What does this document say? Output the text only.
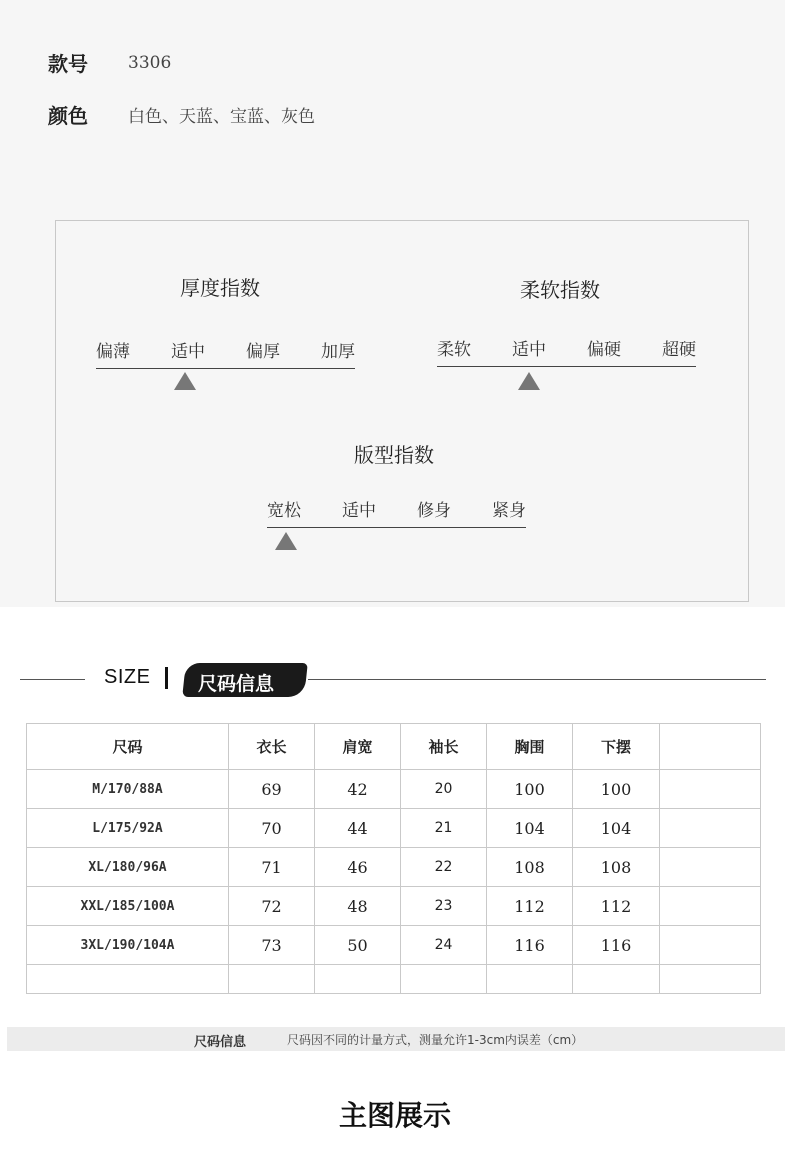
款号	3306
颜色	白色、天蓝、宝蓝、灰色
厚度指数
偏薄 适中 偏厚 加厚
柔软指数
柔软 适中 偏硬 超硬
版型指数
宽松 适中 修身 紧身
SIZE	尺码信息
尺码	衣长	肩宽	袖长	胸围	下摆	
M/170/88A	69	42	20	100	100	
L/175/92A	70	44	21	104	104	
XL/180/96A	71	46	22	108	108	
XXL/185/100A	72	48	23	112	112	
3XL/190/104A	73	50	24	116	116	

尺码信息	尺码因不同的计量方式，测量允许1-3cm内误差（cm）
主图展示
